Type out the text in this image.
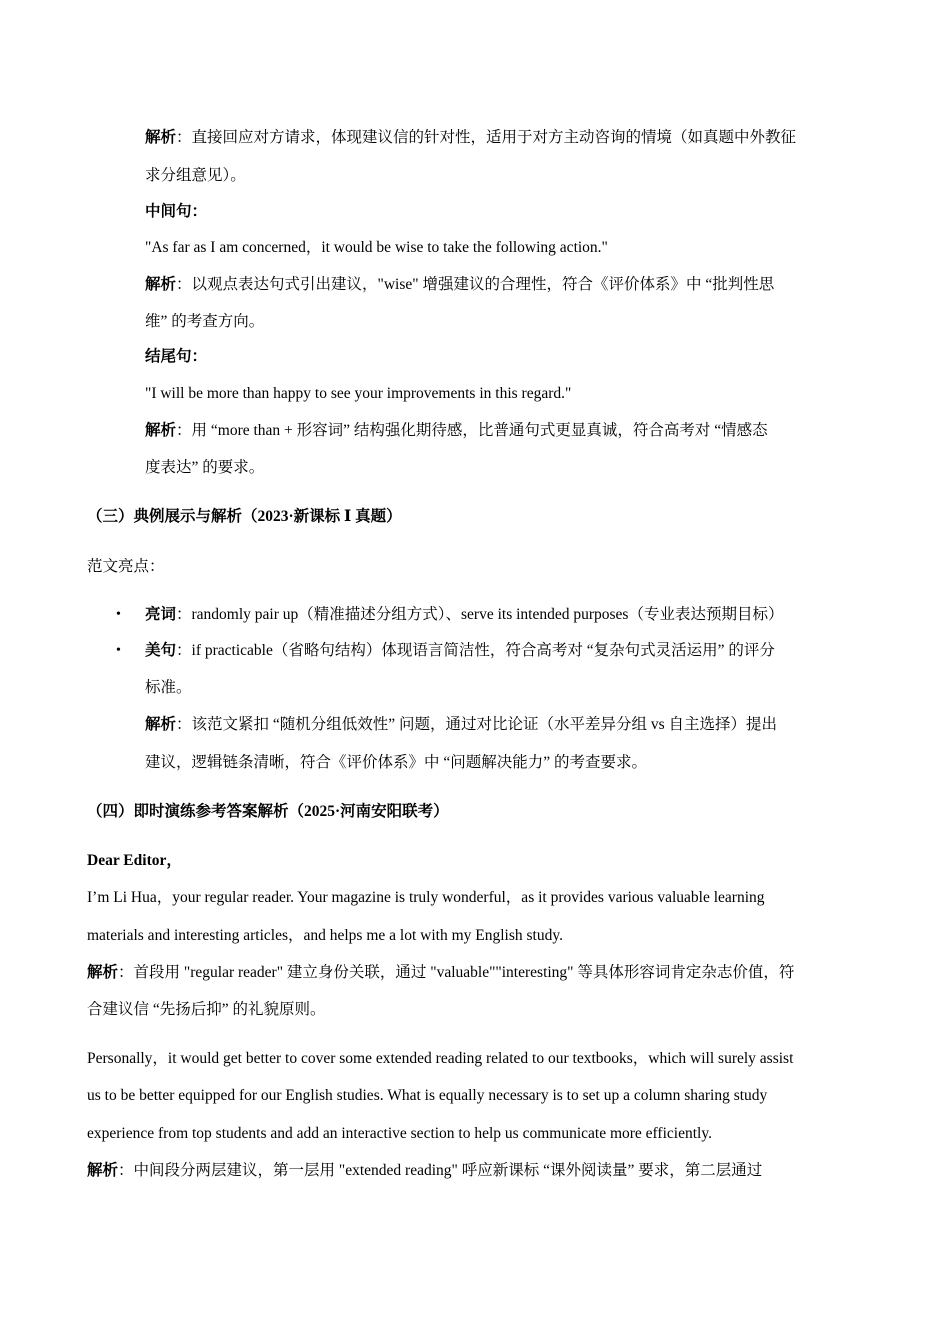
解析：直接回应对方请求，体现建议信的针对性，适用于对方主动咨询的情境（如真题中外教征
求分组意见）。
中间句：
"As far as I am concerned，it would be wise to take the following action."
解析：以观点表达句式引出建议，"wise" 增强建议的合理性，符合《评价体系》中 “批判性思
维” 的考查方向。
结尾句：
"I will be more than happy to see your improvements in this regard."
解析：用 “more than + 形容词” 结构强化期待感，比普通句式更显真诚，符合高考对 “情感态
度表达” 的要求。
（三）典例展示与解析（2023·新课标 Ⅰ 真题）
范文亮点：
• 亮词：randomly pair up（精准描述分组方式）、serve its intended purposes（专业表达预期目标）
• 美句：if practicable（省略句结构）体现语言简洁性，符合高考对 “复杂句式灵活运用” 的评分
标准。
解析：该范文紧扣 “随机分组低效性” 问题，通过对比论证（水平差异分组 vs 自主选择）提出
建议，逻辑链条清晰，符合《评价体系》中 “问题解决能力” 的考查要求。
（四）即时演练参考答案解析（2025·河南安阳联考）
Dear Editor，
I’m Li Hua，your regular reader. Your magazine is truly wonderful，as it provides various valuable learning
materials and interesting articles，and helps me a lot with my English study.
解析：首段用 "regular reader" 建立身份关联，通过 "valuable""interesting" 等具体形容词肯定杂志价值，符
合建议信 “先扬后抑” 的礼貌原则。
Personally，it would get better to cover some extended reading related to our textbooks，which will surely assist
us to be better equipped for our English studies. What is equally necessary is to set up a column sharing study
experience from top students and add an interactive section to help us communicate more efficiently.
解析：中间段分两层建议，第一层用 "extended reading" 呼应新课标 “课外阅读量” 要求，第二层通过
